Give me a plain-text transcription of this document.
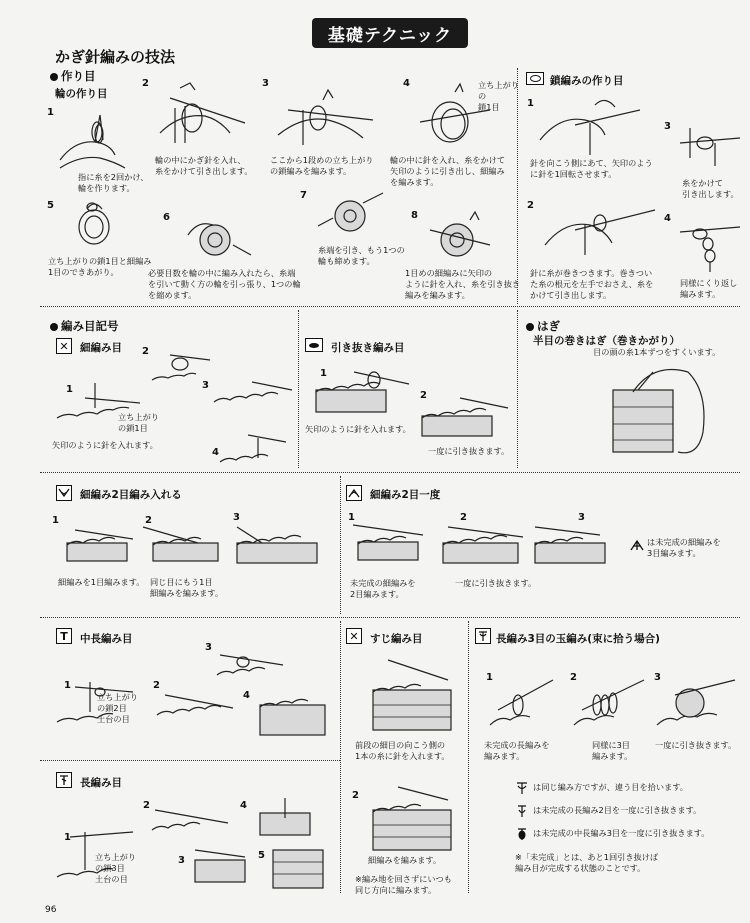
基礎テクニック
かぎ針編みの技法
作り目
輪の作り目
1
指に糸を2回かけ、
輪を作ります。
2
輪の中にかぎ針を入れ、
糸をかけて引き出します。
3
ここから1段めの立ち上がり
の鎖編みを編みます。
4	立ち上がり
の
鎖1目
輪の中に針を入れ、糸をかけて
矢印のように引き出し、細編み
を編みます。
5
立ち上がりの鎖1目と細編み
1目のできあがり。
6
必要目数を輪の中に編み入れたら、糸端
を引いて動く方の輪を引っ張り、1つの輪
を縮めます。
7
糸端を引き、もう1つの
輪も締めます。
8
1目めの細編みに矢印の
ように針を入れ、糸を引き抜き
編みを編みます。
鎖編みの作り目
1
針を向こう側にあて、矢印のよう
に針を1回転させます。
3
糸をかけて
引き出します。
2
針に糸が巻きつきます。巻きつい
た糸の根元を左手でおさえ、糸を
かけて引き出します。
4
同様にくり返し
編みます。
編み目記号
✕	細編み目 2
1
立ち上がり
の鎖1目
矢印のように針を入れます。
3
4
引き抜き編み目
1
矢印のように針を入れます。
2
一度に引き抜きます。
はぎ
半目の巻きはぎ（巻きかがり）
目の頭の糸1本ずつをすくいます。
細編み2目編み入れる
1
細編みを1目編みます。
2
同じ目にもう1目
細編みを編みます。
3
細編み2目一度
1
未完成の細編みを
2目編みます。
2
一度に引き抜きます。
3
は未完成の細編みを
3目編みます。
T	中長編み目
3
1
立ち上がり
の鎖2目
土台の目
2
4
✕	すじ編み目
前段の細目の向こう側の
1本の糸に針を入れます。
2
細編みを編みます。
※編み地を回さずにいつも
同じ方向に編みます。
長編み3目の玉編み(束に拾う場合)
1
未完成の長編みを
編みます。
2
同様に3目
編みます。
3
一度に引き抜きます。
は同じ編み方ですが、違う目を拾います。
は未完成の長編み2目を一度に引き抜きます。
は未完成の中長編み3目を一度に引き抜きます。
※「未完成」とは、あと1回引き抜けば
編み目が完成する状態のことです。
長編み目
2	4
1
立ち上がり
の鎖3目
土台の目
3	5
96
